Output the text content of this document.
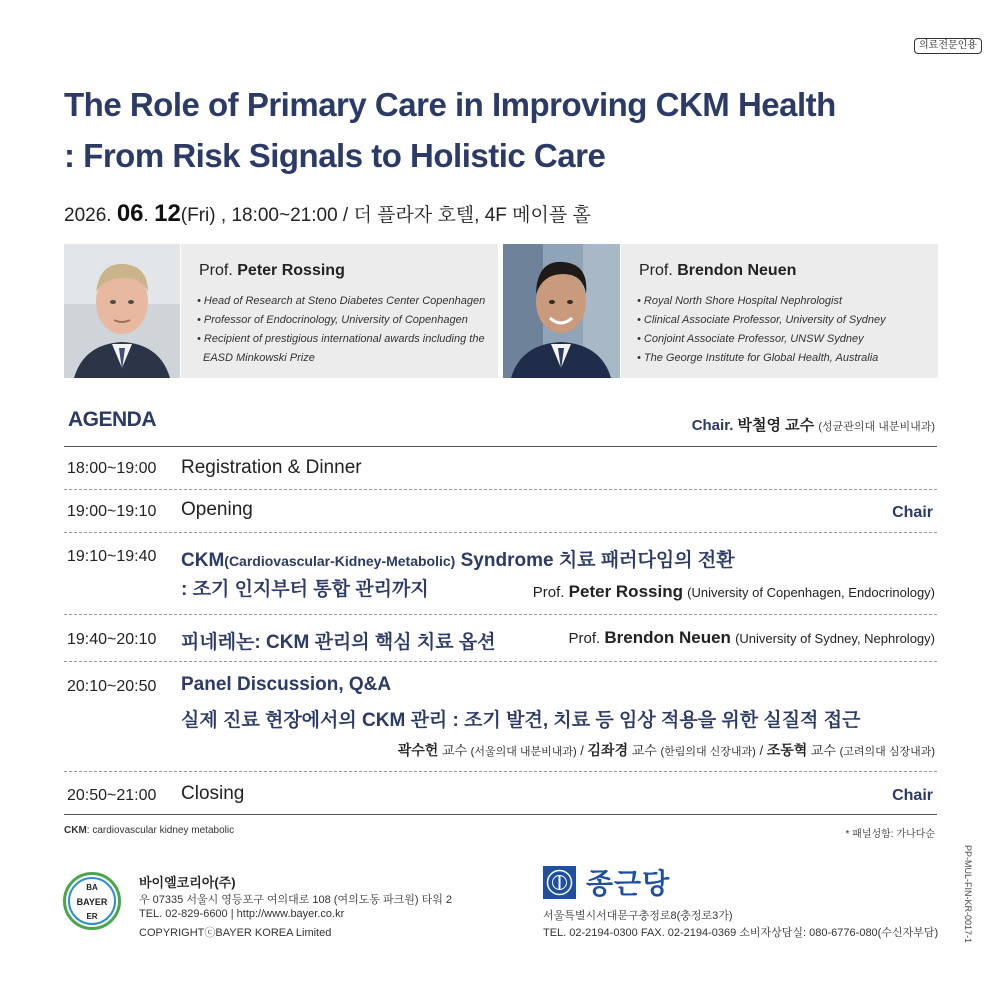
의료전문인용
The Role of Primary Care in Improving CKM Health
: From Risk Signals to Holistic Care
2026. 06. 12(Fri) , 18:00~21:00 / 더 플라자 호텔, 4F 메이플 홀
Prof. Peter Rossing
• Head of Research at Steno Diabetes Center Copenhagen
• Professor of Endocrinology, University of Copenhagen
• Recipient of prestigious international awards including the
EASD Minkowski Prize
Prof. Brendon Neuen
• Royal North Shore Hospital Nephrologist
• Clinical Associate Professor, University of Sydney
• Conjoint Associate Professor, UNSW Sydney
• The George Institute for Global Health, Australia
AGENDA	Chair. 박철영 교수 (성균관의대 내분비내과)
18:00~19:00 Registration & Dinner
19:00~19:10 Opening	Chair
19:10~19:40 CKM(Cardiovascular-Kidney-Metabolic) Syndrome 치료 패러다임의 전환
: 조기 인지부터 통합 관리까지	Prof. Peter Rossing (University of Copenhagen, Endocrinology)
19:40~20:10 피네레논: CKM 관리의 핵심 치료 옵션	Prof. Brendon Neuen (University of Sydney, Nephrology)
20:10~20:50 Panel Discussion, Q&A
실제 진료 현장에서의 CKM 관리 : 조기 발견, 치료 등 임상 적용을 위한 실질적 접근
곽수헌 교수 (서울의대 내분비내과) / 김좌경 교수 (한림의대 신장내과) / 조동혁 교수 (고려의대 심장내과)
20:50~21:00 Closing	Chair
CKM: cardiovascular kidney metabolic	* 패널성함: 가나다순
BA
BAYER
ER
바이엘코리아(주)
우 07335 서울시 영등포구 여의대로 108 (여의도동 파크원) 타워 2
TEL. 02-829-6600 | http://www.bayer.co.kr
COPYRIGHTⓒBAYER KOREA Limited
종근당
서울특별시서대문구충정로8(충정로3가)
TEL. 02-2194-0300 FAX. 02-2194-0369 소비자상담실: 080-6776-080(수신자부담)	PP-MUL-FIN-KR-0017-1
